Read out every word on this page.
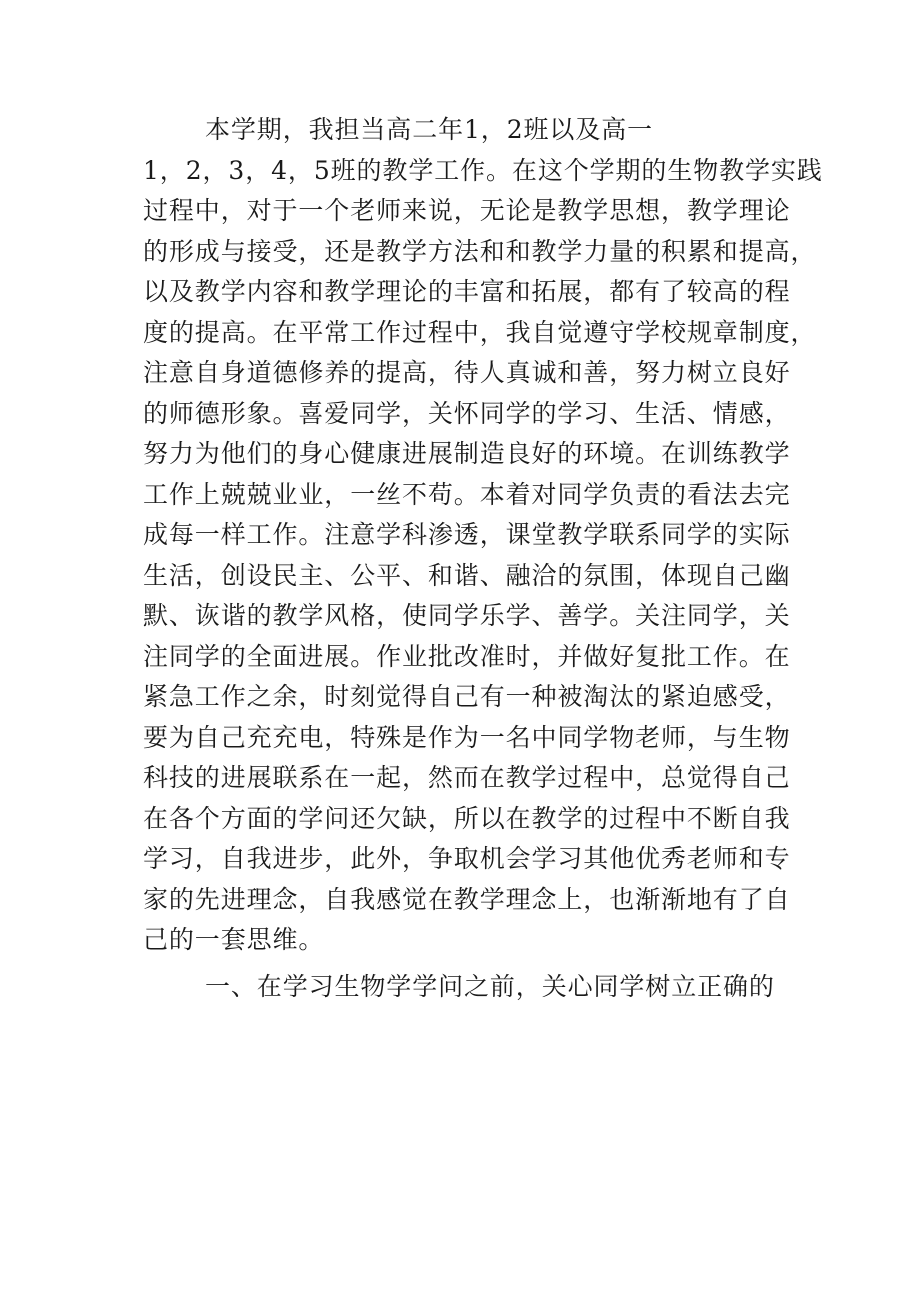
本学期，我担当高二年1，2班以及高一
1，2，3，4，5班的教学工作。在这个学期的生物教学实践
过程中，对于一个老师来说，无论是教学思想，教学理论
的形成与接受，还是教学方法和和教学力量的积累和提高，
以及教学内容和教学理论的丰富和拓展，都有了较高的程
度的提高。在平常工作过程中，我自觉遵守学校规章制度，
注意自身道德修养的提高，待人真诚和善，努力树立良好
的师德形象。喜爱同学，关怀同学的学习、生活、情感，
努力为他们的身心健康进展制造良好的环境。在训练教学
工作上兢兢业业，一丝不苟。本着对同学负责的看法去完
成每一样工作。注意学科渗透，课堂教学联系同学的实际
生活，创设民主、公平、和谐、融洽的氛围，体现自己幽
默、诙谐的教学风格，使同学乐学、善学。关注同学，关
注同学的全面进展。作业批改准时，并做好复批工作。在
紧急工作之余，时刻觉得自己有一种被淘汰的紧迫感受，
要为自己充充电，特殊是作为一名中同学物老师，与生物
科技的进展联系在一起，然而在教学过程中，总觉得自己
在各个方面的学问还欠缺，所以在教学的过程中不断自我
学习，自我进步，此外，争取机会学习其他优秀老师和专
家的先进理念，自我感觉在教学理念上，也渐渐地有了自
己的一套思维。
一、在学习生物学学问之前，关心同学树立正确的
